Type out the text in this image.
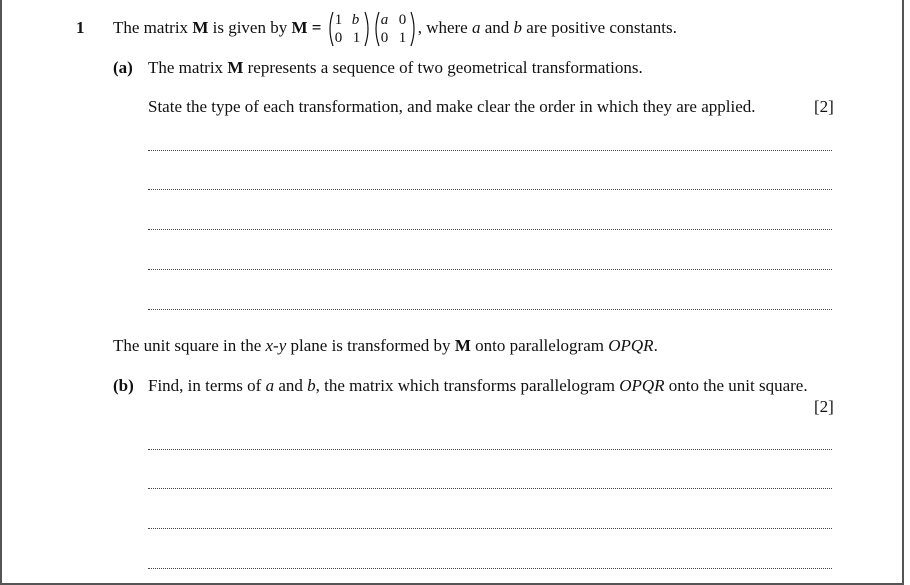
1 The matrix M is given by M = 1 b
0 1
a 0
0 1
, where a and b are positive constants.
(a) The matrix M represents a sequence of two geometrical transformations.
State the type of each transformation, and make clear the order in which they are applied.	[2]
The unit square in the x-y plane is transformed by M onto parallelogram OPQR.
(b) Find, in terms of a and b, the matrix which transforms parallelogram OPQR onto the unit square.
[2]
